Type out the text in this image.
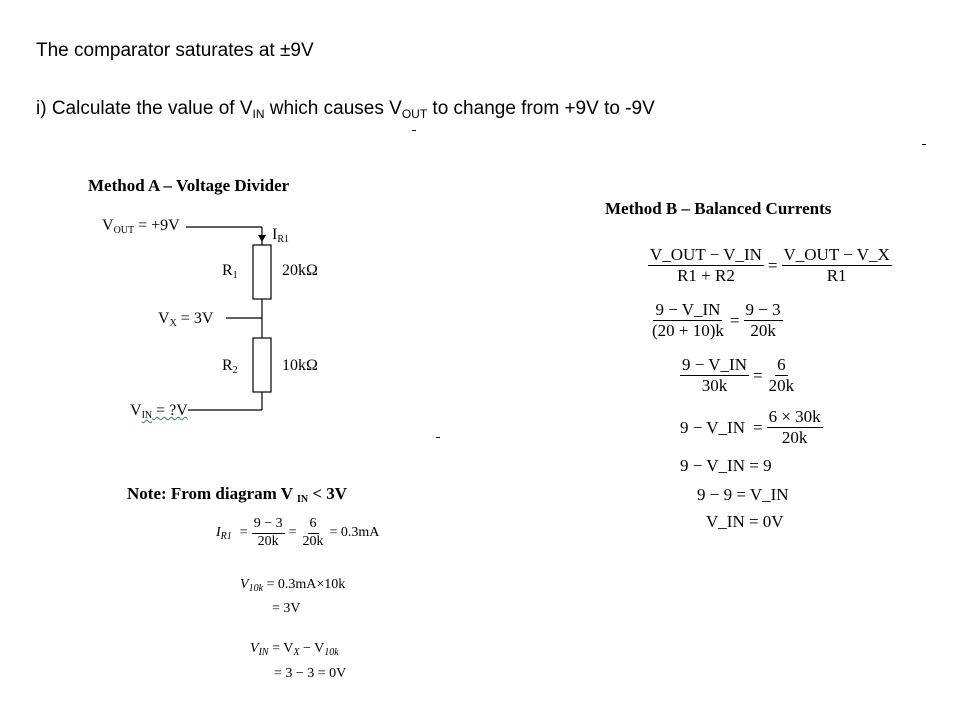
The comparator saturates at ±9V
i) Calculate the value of $V_{IN}$ which causes $V_{OUT}$ to change from +9V to -9V
Method A – Voltage Divider
VOUT = +9V
IR1
R1	20kΩ
VX = 3V
R2	10kΩ
VIN = ?V
Note: From diagram V IN < 3V
$I_{R1} = \frac{9 - 3}{20k} = \frac{6}{20k} = 0.3mA$
$V_{10k} = 0.3mA\times 10k$
= 3V
$V_{IN} = V_X - V_{10k}$
= 3 − 3 = 0V
Method B – Balanced Currents
$\frac{\text{V\_OUT − V\_IN}}{R1 + R2} = \frac{\text{V\_OUT − V\_X}}{R1}$
$\frac{9 - V\_IN}{(20 + 10)k} = \frac{9 - 3}{20k}$
$\frac{9 - V\_IN}{30k} = \frac{6}{20k}$
9 − V_IN = $\frac{6 \times 30k}{20k}$
9 − V_IN = 9
9 − 9 = V_IN
V_IN = 0V
